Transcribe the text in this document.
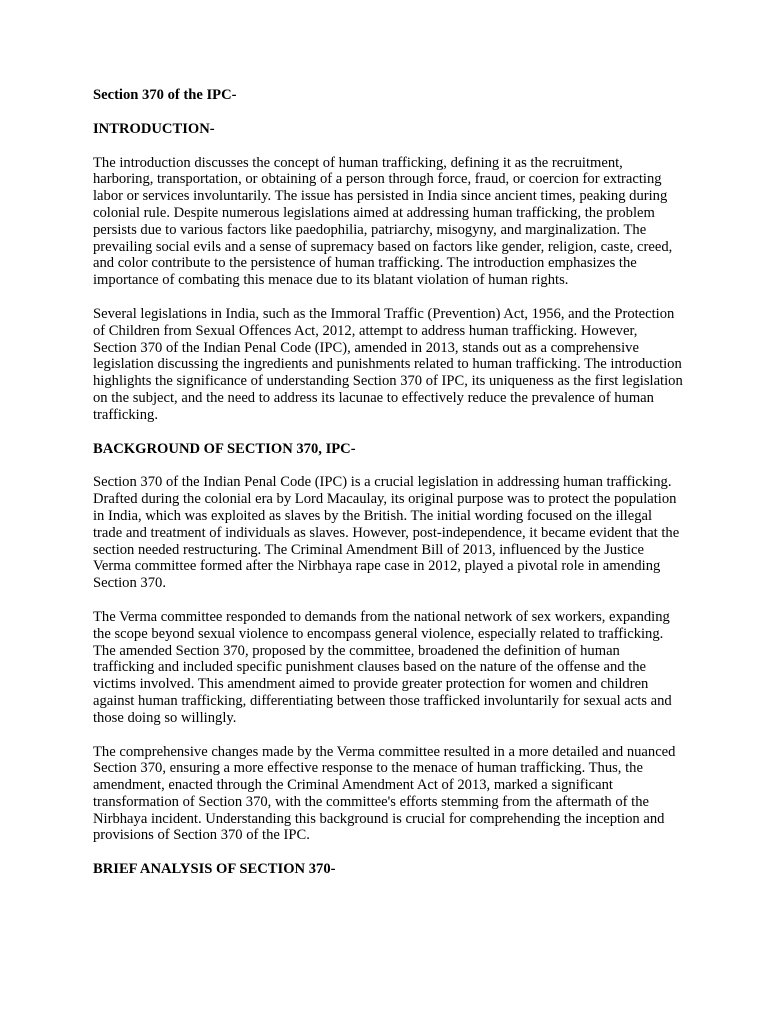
Section 370 of the IPC-

INTRODUCTION-

The introduction discusses the concept of human trafficking, defining it as the recruitment, harboring, transportation, or obtaining of a person through force, fraud, or coercion for extracting labor or services involuntarily. The issue has persisted in India since ancient times, peaking during colonial rule. Despite numerous legislations aimed at addressing human trafficking, the problem persists due to various factors like paedophilia, patriarchy, misogyny, and marginalization. The prevailing social evils and a sense of supremacy based on factors like gender, religion, caste, creed, and color contribute to the persistence of human trafficking. The introduction emphasizes the importance of combating this menace due to its blatant violation of human rights.

Several legislations in India, such as the Immoral Traffic (Prevention) Act, 1956, and the Protection of Children from Sexual Offences Act, 2012, attempt to address human trafficking. However, Section 370 of the Indian Penal Code (IPC), amended in 2013, stands out as a comprehensive legislation discussing the ingredients and punishments related to human trafficking. The introduction highlights the significance of understanding Section 370 of IPC, its uniqueness as the first legislation on the subject, and the need to address its lacunae to effectively reduce the prevalence of human trafficking.

BACKGROUND OF SECTION 370, IPC-

Section 370 of the Indian Penal Code (IPC) is a crucial legislation in addressing human trafficking. Drafted during the colonial era by Lord Macaulay, its original purpose was to protect the population in India, which was exploited as slaves by the British. The initial wording focused on the illegal trade and treatment of individuals as slaves. However, post-independence, it became evident that the section needed restructuring. The Criminal Amendment Bill of 2013, influenced by the Justice Verma committee formed after the Nirbhaya rape case in 2012, played a pivotal role in amending Section 370.

The Verma committee responded to demands from the national network of sex workers, expanding the scope beyond sexual violence to encompass general violence, especially related to trafficking. The amended Section 370, proposed by the committee, broadened the definition of human trafficking and included specific punishment clauses based on the nature of the offense and the victims involved. This amendment aimed to provide greater protection for women and children against human trafficking, differentiating between those trafficked involuntarily for sexual acts and those doing so willingly.

The comprehensive changes made by the Verma committee resulted in a more detailed and nuanced Section 370, ensuring a more effective response to the menace of human trafficking. Thus, the amendment, enacted through the Criminal Amendment Act of 2013, marked a significant transformation of Section 370, with the committee's efforts stemming from the aftermath of the Nirbhaya incident. Understanding this background is crucial for comprehending the inception and provisions of Section 370 of the IPC.

BRIEF ANALYSIS OF SECTION 370-
